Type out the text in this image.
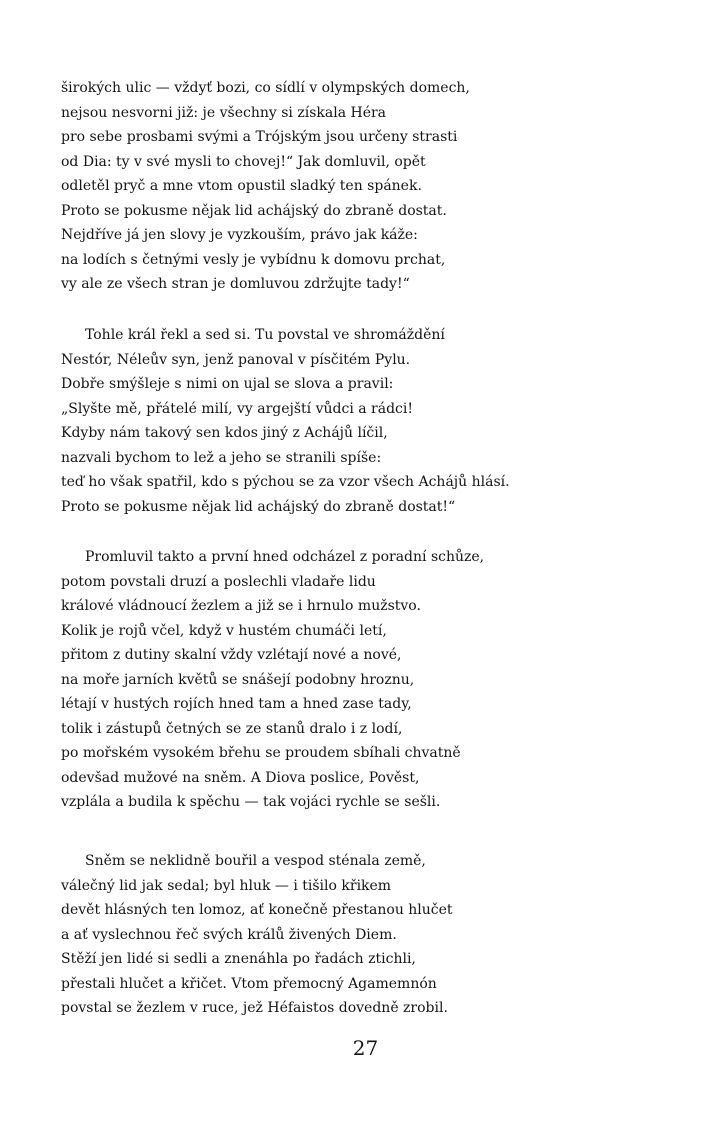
širokých ulic — vždyť bozi, co sídlí v olympských domech,
nejsou nesvorni již: je všechny si získala Héra
pro sebe prosbami svými a Trójským jsou určeny strasti
od Dia: ty v své mysli to chovej!“ Jak domluvil, opět
odletěl pryč a mne vtom opustil sladký ten spánek.
Proto se pokusme nějak lid achájský do zbraně dostat.
Nejdříve já jen slovy je vyzkouším, právo jak káže:
na lodích s četnými vesly je vybídnu k domovu prchat,
vy ale ze všech stran je domluvou zdržujte tady!“
Tohle král řekl a sed si. Tu povstal ve shromáždění
Nestór, Néleův syn, jenž panoval v písčitém Pylu.
Dobře smýšleje s nimi on ujal se slova a pravil:
„Slyšte mě, přátelé milí, vy argejští vůdci a rádci!
Kdyby nám takový sen kdos jiný z Achájů líčil,
nazvali bychom to lež a jeho se stranili spíše:
teď ho však spatřil, kdo s pýchou se za vzor všech Achájů hlásí.
Proto se pokusme nějak lid achájský do zbraně dostat!“
Promluvil takto a první hned odcházel z poradní schůze,
potom povstali druzí a poslechli vladaře lidu
králové vládnoucí žezlem a již se i hrnulo mužstvo.
Kolik je rojů včel, když v hustém chumáči letí,
přitom z dutiny skalní vždy vzlétají nové a nové,
na moře jarních květů se snášejí podobny hroznu,
létají v hustých rojích hned tam a hned zase tady,
tolik i zástupů četných se ze stanů dralo i z lodí,
po mořském vysokém břehu se proudem sbíhali chvatně
odevšad mužové na sněm. A Diova poslice, Pověst,
vzplála a budila k spěchu — tak vojáci rychle se sešli.
Sněm se neklidně bouřil a vespod sténala země,
válečný lid jak sedal; byl hluk — i tišilo křikem
devět hlásných ten lomoz, ať konečně přestanou hlučet
a ať vyslechnou řeč svých králů živených Diem.
Stěží jen lidé si sedli a znenáhla po řadách ztichli,
přestali hlučet a křičet. Vtom přemocný Agamemnón
povstal se žezlem v ruce, jež Héfaistos dovedně zrobil.
27
